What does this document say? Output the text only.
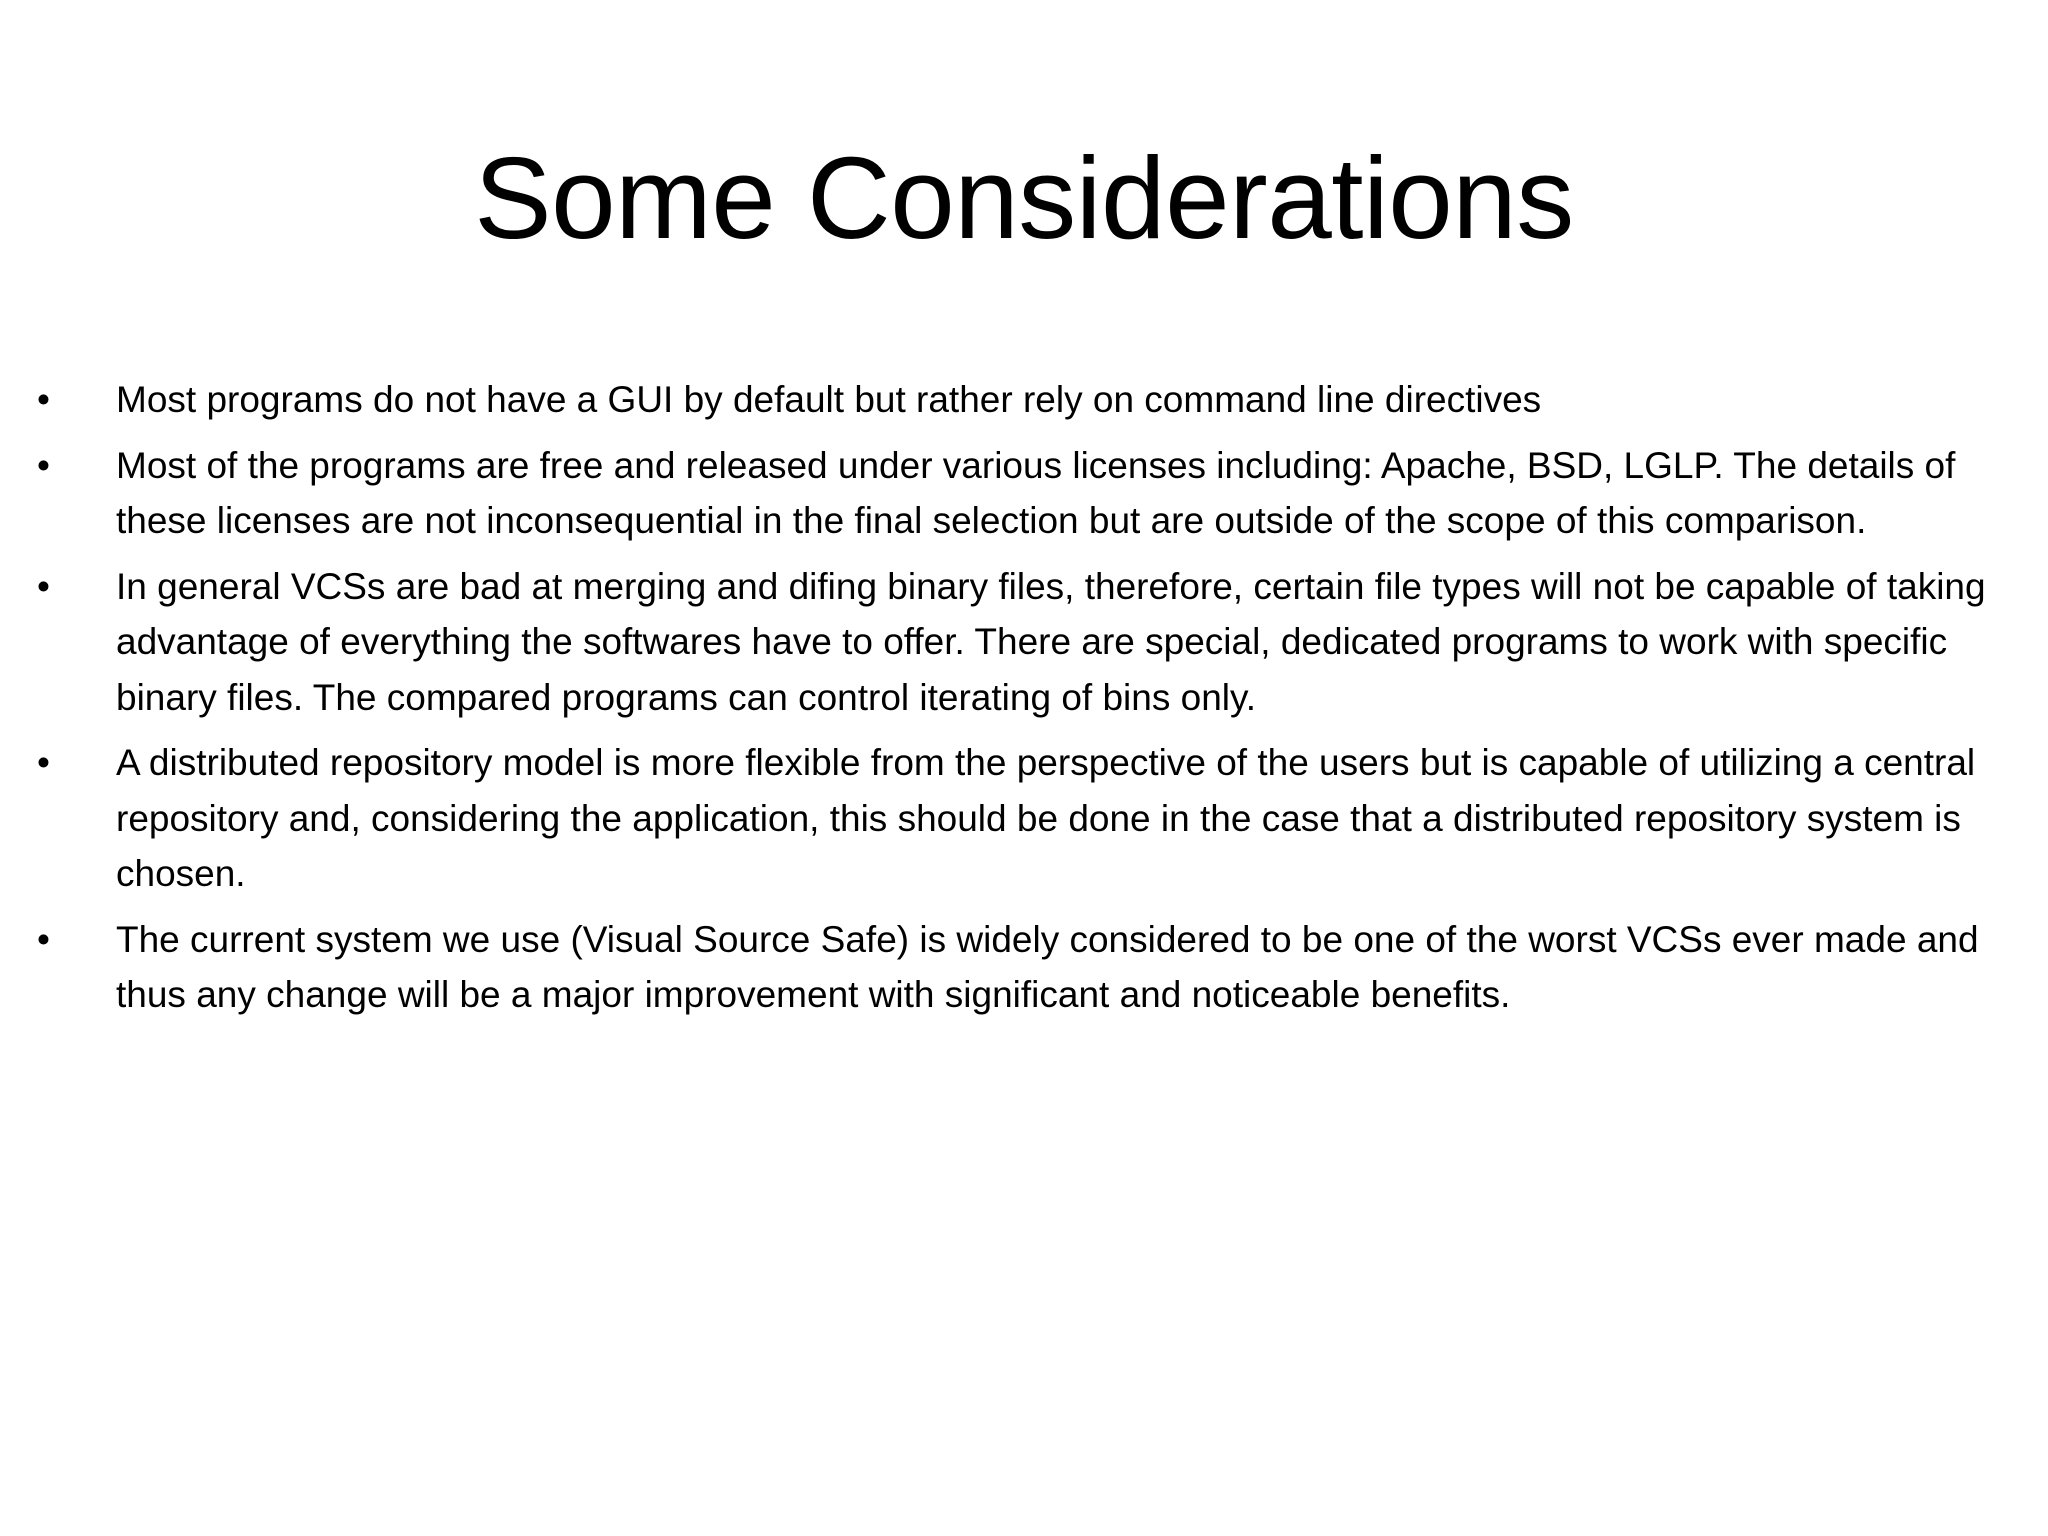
Some Considerations
• Most programs do not have a GUI by default but rather rely on command line directives
• Most of the programs are free and released under various licenses including: Apache, BSD, LGLP. The details of these licenses are not inconsequential in the final selection but are outside of the scope of this comparison.
• In general VCSs are bad at merging and difing binary files, therefore, certain file types will not be capable of taking advantage of everything the softwares have to offer. There are special, dedicated programs to work with specific binary files. The compared programs can control iterating of bins only.
• A distributed repository model is more flexible from the perspective of the users but is capable of utilizing a central repository and, considering the application, this should be done in the case that a distributed repository system is chosen.
• The current system we use (Visual Source Safe) is widely considered to be one of the worst VCSs ever made and thus any change will be a major improvement with significant and noticeable benefits.
